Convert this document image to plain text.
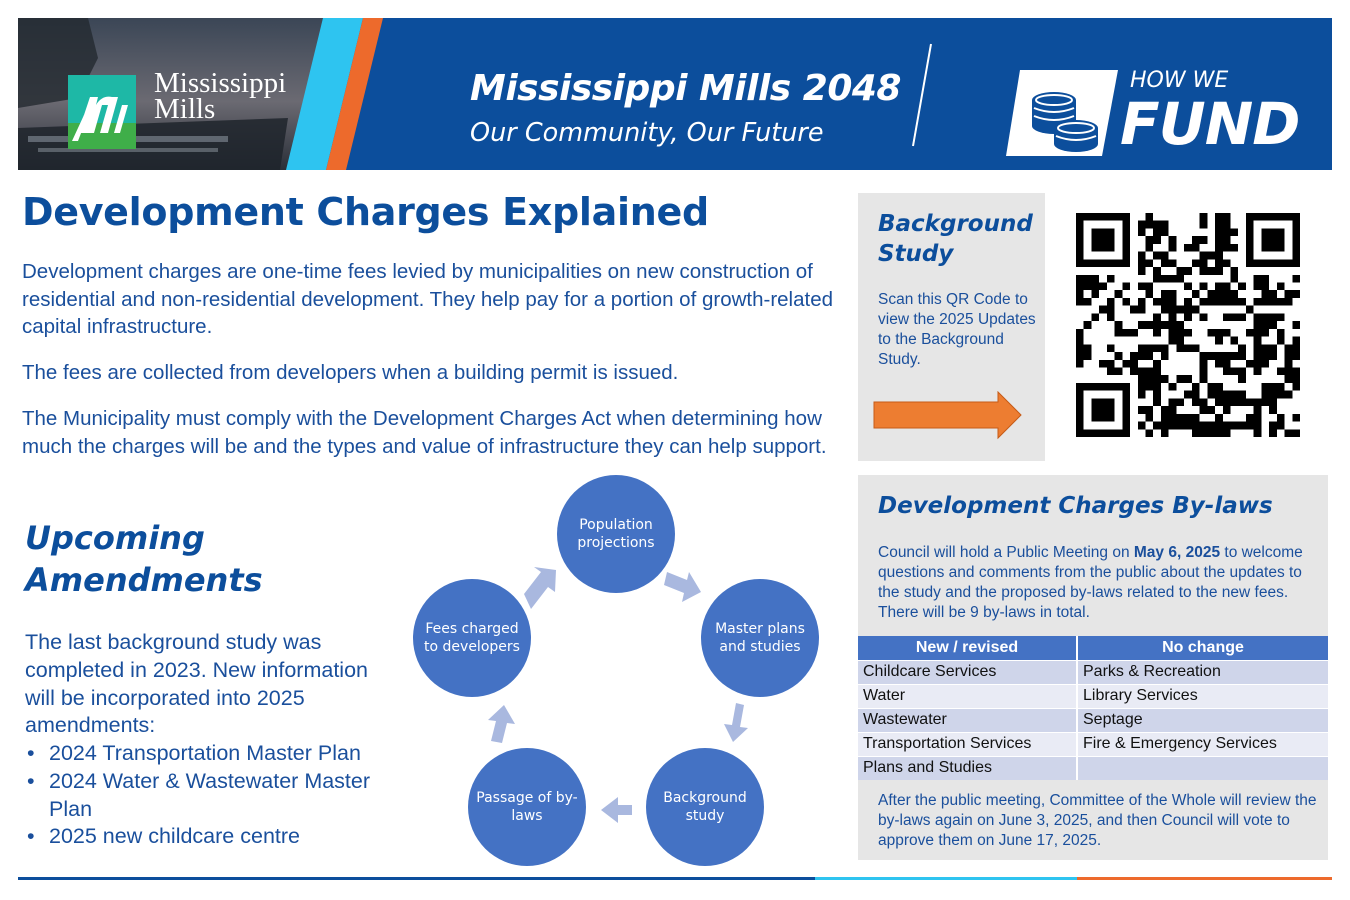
Mississippi
Mills	Mississippi Mills 2048
Our Community, Our Future
HOW WE
FUND
Development Charges Explained

Development charges are one-time fees levied by municipalities on new construction of residential and non-residential development. They help pay for a portion of growth-related capital infrastructure.

The fees are collected from developers when a building permit is issued.

The Municipality must comply with the Development Charges Act when determining how much the charges will be and the types and value of infrastructure they can help support.

Upcoming
Amendments

The last background study was completed in 2023. New information will be incorporated into 2025 amendments:

• 2024 Transportation Master Plan
• 2024 Water & Wastewater Master Plan
• 2025 new childcare centre
Population projections
Master plans and studies
Background study
Passage of by-laws
Fees charged to developers
Background
Study
Scan this QR Code to view the 2025 Updates to the Background Study.
Development Charges By-laws

Council will hold a Public Meeting on May 6, 2025 to welcome questions and comments from the public about the updates to the study and the proposed by-laws related to the new fees. There will be 9 by-laws in total.

New / revised	No change
Childcare Services	Parks & Recreation
Water	Library Services
Wastewater	Septage
Transportation Services	Fire & Emergency Services
Plans and Studies	

After the public meeting, Committee of the Whole will review the by-laws again on June 3, 2025, and then Council will vote to approve them on June 17, 2025.
